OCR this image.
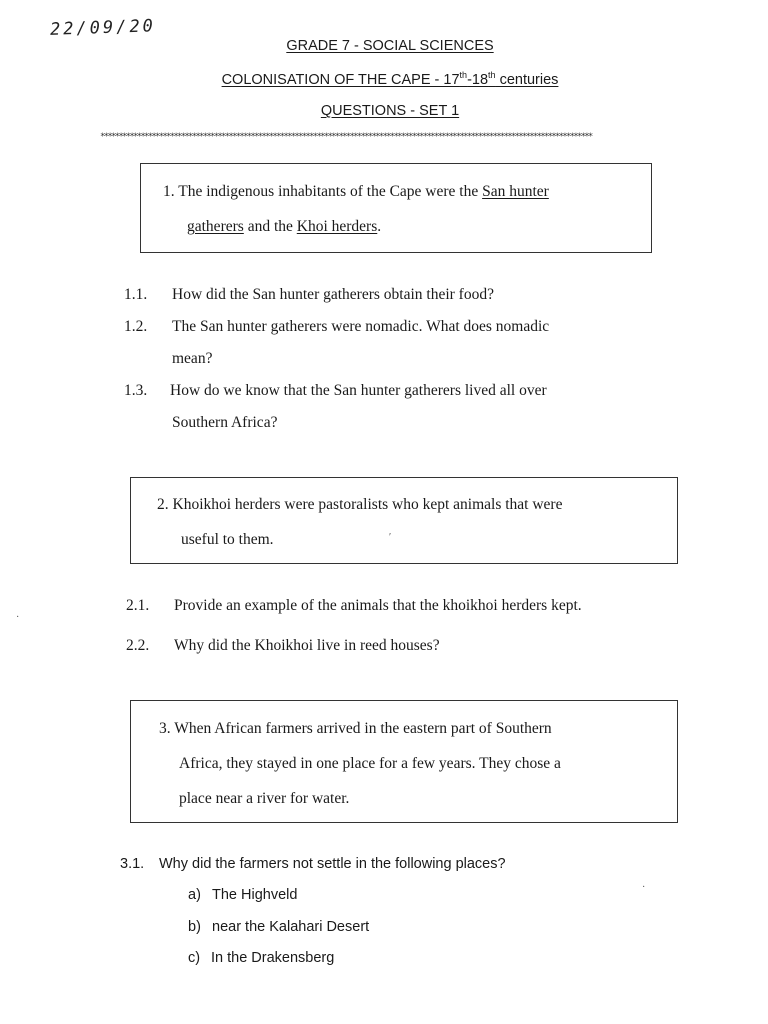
22/09/20
GRADE 7 - SOCIAL SCIENCES
COLONISATION OF THE CAPE - 17th-18th centuries
QUESTIONS - SET 1
**************************************************************************************************************************************
1. The indigenous inhabitants of the Cape were the San hunter
gatherers and the Khoi herders.
1.1. How did the San hunter gatherers obtain their food?
1.2. The San hunter gatherers were nomadic. What does nomadic
mean?
1.3. How do we know that the San hunter gatherers lived all over
Southern Africa?
2. Khoikhoi herders were pastoralists who kept animals that were
useful to them.	′
2.1. Provide an example of the animals that the khoikhoi herders kept.
2.2. Why did the Khoikhoi live in reed houses?
3. When African farmers arrived in the eastern part of Southern
Africa, they stayed in one place for a few years. They chose a
place near a river for water.
3.1. Why did the farmers not settle in the following places?
a) The Highveld
b) near the Kalahari Desert
c) In the Drakensberg
·
·
